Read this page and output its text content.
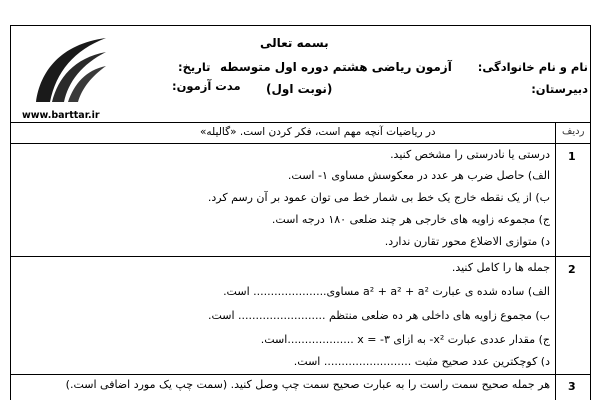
www.barttar.ir
بسمه تعالی
آزمون ریاضی هشتم دوره اول متوسطه
(نوبت اول)
نام و نام خانوادگی:
دبیرستان:
تاریخ:
مدت آزمون:
ردیف
در ریاضیات آنچه مهم است، فکر کردن است. «گالیله»
1
درستی یا نادرستی را مشخص کنید.
الف) حاصل ضرب هر عدد در معکوسش مساوی ۱- است.
ب) از یک نقطه خارج یک خط بی شمار خط می توان عمود بر آن رسم کرد.
ج) مجموعه زاویه های خارجی هر چند ضلعی ۱۸۰ درجه است.
د) متوازی الاضلاع محور تقارن ندارد.
2
جمله ها را کامل کنید.
الف) ساده شده ی عبارت a² + a² + a² مساوی..................... است.
ب) مجموع زاویه های داخلی هر ده ضلعی منتظم ......................... است.
ج) مقدار عددی عبارت x²- به ازای ۳- = x ...................است.
د) کوچکترین عدد صحیح مثبت ......................... است.
3
هر جمله صحیح سمت راست را به عبارت صحیح سمت چپ وصل کنید. (سمت چپ یک مورد اضافی است.)
